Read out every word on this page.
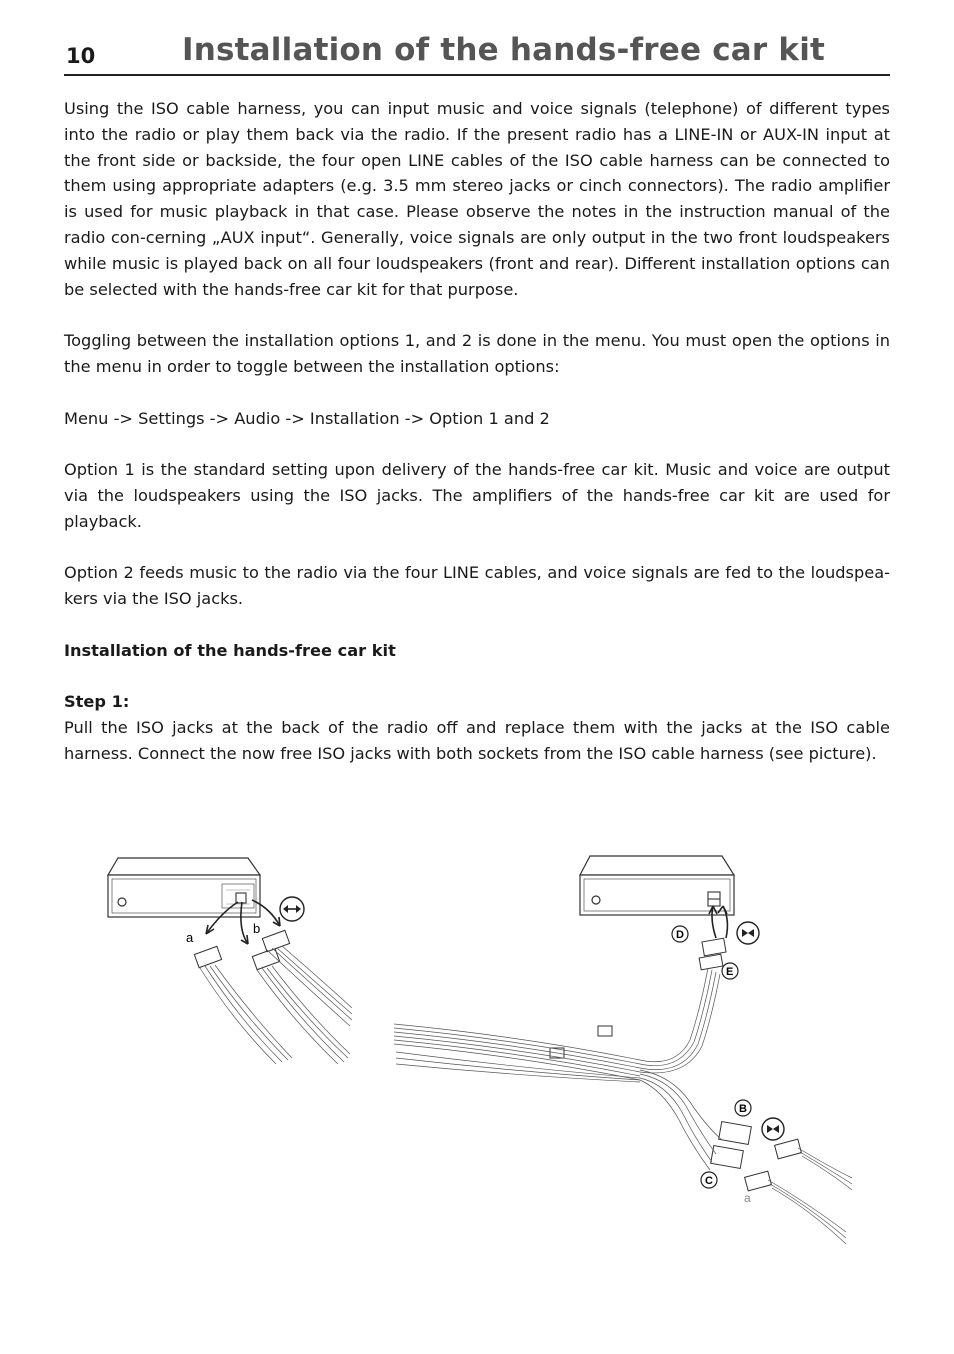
10	Installation of the hands-free car kit

Using the ISO cable harness, you can input music and voice signals (telephone) of different types into the radio or play them back via the radio. If the present radio has a LINE-IN or AUX-IN input at the front side or backside, the four open LINE cables of the ISO cable harness can be connected to them using appropriate adapters (e.g. 3.5 mm stereo jacks or cinch connectors). The radio amplifier is used for music playback in that case. Please observe the notes in the instruction manual of the radio con-cerning „AUX input“. Generally, voice signals are only output in the two front loudspeakers while music is played back on all four loudspeakers (front and rear). Different installation options can be selected with the hands-free car kit for that purpose.

Toggling between the installation options 1, and 2 is done in the menu. You must open the options in the menu in order to toggle between the installation options:

Menu -> Settings -> Audio -> Installation -> Option 1 and 2

Option 1 is the standard setting upon delivery of the hands-free car kit. Music and voice are output via the loudspeakers using the ISO jacks. The amplifiers of the hands-free car kit are used for playback.

Option 2 feeds music to the radio via the four LINE cables, and voice signals are fed to the loudspea-kers via the ISO jacks.

Installation of the hands-free car kit

Step 1:

Pull the ISO jacks at the back of the radio off and replace them with the jacks at the ISO cable harness. Connect the now free ISO jacks with both sockets from the ISO cable harness (see picture).

a
b	D
E
B
C
a
